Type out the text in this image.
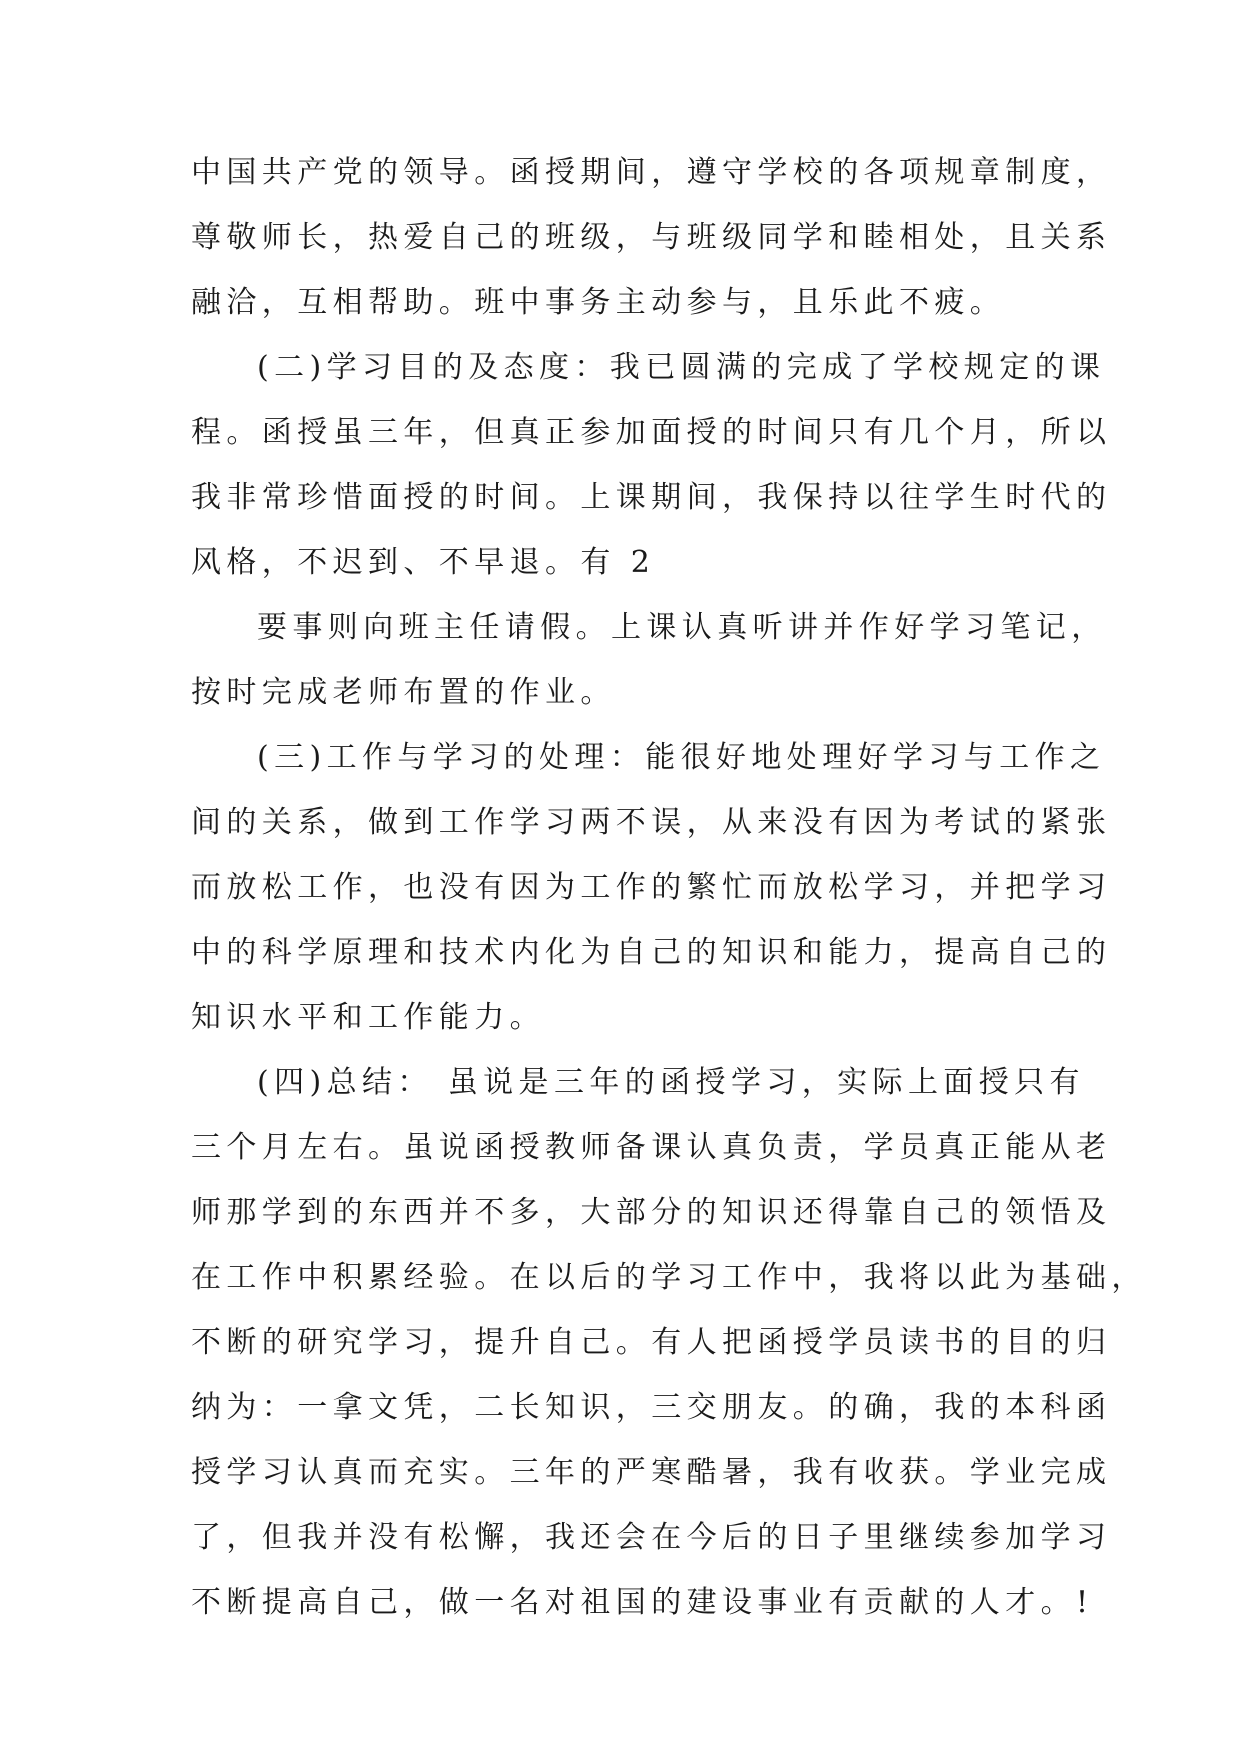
中国共产党的领导。函授期间，遵守学校的各项规章制度，
尊敬师长，热爱自己的班级，与班级同学和睦相处，且关系
融洽，互相帮助。班中事务主动参与，且乐此不疲。
(二)学习目的及态度：我已圆满的完成了学校规定的课
程。函授虽三年，但真正参加面授的时间只有几个月，所以
我非常珍惜面授的时间。上课期间，我保持以往学生时代的
风格，不迟到、不早退。有 2
要事则向班主任请假。上课认真听讲并作好学习笔记，
按时完成老师布置的作业。
(三)工作与学习的处理：能很好地处理好学习与工作之
间的关系，做到工作学习两不误，从来没有因为考试的紧张
而放松工作，也没有因为工作的繁忙而放松学习，并把学习
中的科学原理和技术内化为自己的知识和能力，提高自己的
知识水平和工作能力。
(四)总结： 虽说是三年的函授学习，实际上面授只有
三个月左右。虽说函授教师备课认真负责，学员真正能从老
师那学到的东西并不多，大部分的知识还得靠自己的领悟及
在工作中积累经验。在以后的学习工作中，我将以此为基础，
不断的研究学习，提升自己。有人把函授学员读书的目的归
纳为：一拿文凭，二长知识，三交朋友。的确，我的本科函
授学习认真而充实。三年的严寒酷暑，我有收获。学业完成
了，但我并没有松懈，我还会在今后的日子里继续参加学习
不断提高自己，做一名对祖国的建设事业有贡献的人才。!
